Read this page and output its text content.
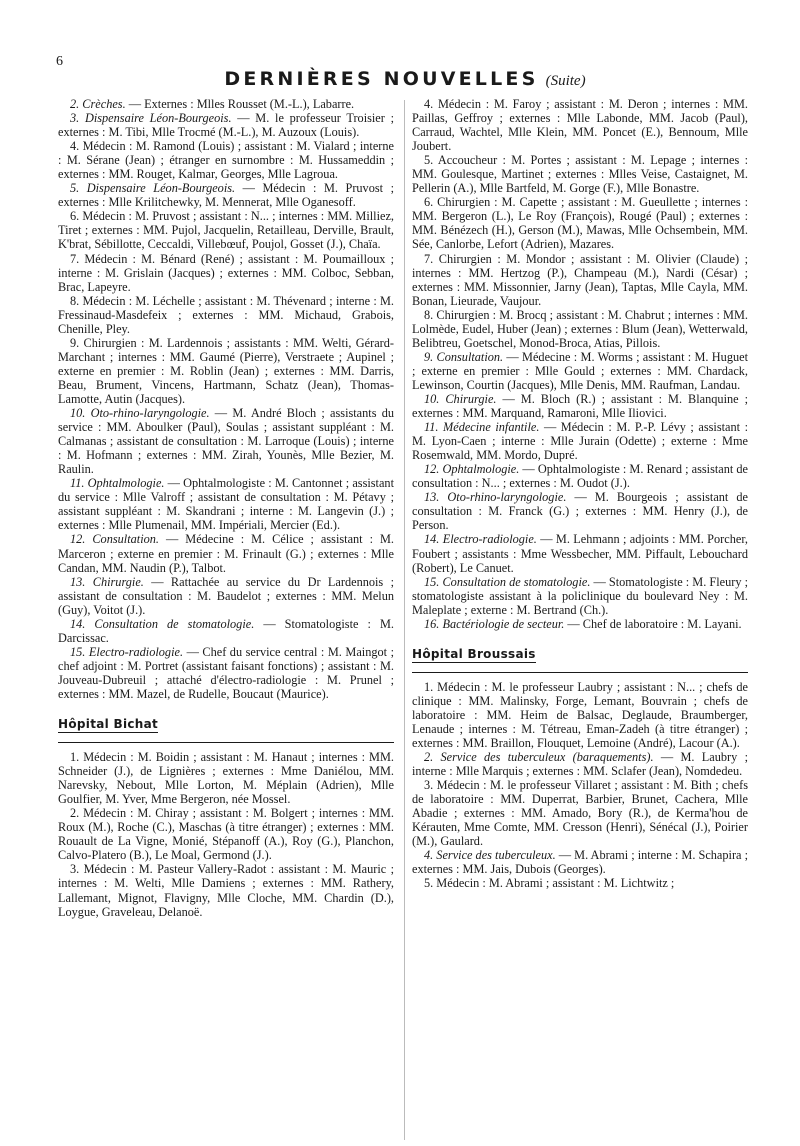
6
DERNIÈRES NOUVELLES (Suite)

2. Crèches. — Externes : Mlles Rousset (M.-L.), Labarre.

3. Dispensaire Léon-Bourgeois. — M. le professeur Troisier ; externes : M. Tibi, Mlle Trocmé (M.-L.), M. Auzoux (Louis).

4. Médecin : M. Ramond (Louis) ; assistant : M. Vialard ; interne : M. Sérane (Jean) ; étranger en surnombre : M. Hussameddin ; externes : MM. Rouget, Kalmar, Georges, Mlle Lagroua.

5. Dispensaire Léon-Bourgeois. — Médecin : M. Pruvost ; externes : Mlle Krilitchewky, M. Mennerat, Mlle Oganesoff.

6. Médecin : M. Pruvost ; assistant : N... ; internes : MM. Milliez, Tiret ; externes : MM. Pujol, Jacquelin, Retailleau, Derville, Brault, K'brat, Sébillotte, Ceccaldi, Villebœuf, Poujol, Gosset (J.), Chaïa.

7. Médecin : M. Bénard (René) ; assistant : M. Poumailloux ; interne : M. Grislain (Jacques) ; externes : MM. Colboc, Sebban, Brac, Lapeyre.

8. Médecin : M. Léchelle ; assistant : M. Thévenard ; interne : M. Fressinaud-Masdefeix ; externes : MM. Michaud, Grabois, Chenille, Pley.

9. Chirurgien : M. Lardennois ; assistants : MM. Welti, Gérard-Marchant ; internes : MM. Gaumé (Pierre), Verstraete ; Aupinel ; externe en premier : M. Roblin (Jean) ; externes : MM. Darris, Beau, Brument, Vincens, Hartmann, Schatz (Jean), Thomas-Lamotte, Autin (Jacques).

10. Oto-rhino-laryngologie. — M. André Bloch ; assistants du service : MM. Aboulker (Paul), Soulas ; assistant suppléant : M. Calmanas ; assistant de consultation : M. Larroque (Louis) ; interne : M. Hofmann ; externes : MM. Zirah, Younès, Mlle Bezier, M. Raulin.

11. Ophtalmologie. — Ophtalmologiste : M. Cantonnet ; assistant du service : Mlle Valroff ; assistant de consultation : M. Pétavy ; assistant suppléant : M. Skandrani ; interne : M. Langevin (J.) ; externes : Mlle Plumenail, MM. Impériali, Mercier (Ed.).

12. Consultation. — Médecine : M. Célice ; assistant : M. Marceron ; externe en premier : M. Frinault (G.) ; externes : Mlle Candan, MM. Naudin (P.), Talbot.

13. Chirurgie. — Rattachée au service du Dr Lardennois ; assistant de consultation : M. Baudelot ; externes : MM. Melun (Guy), Voitot (J.).

14. Consultation de stomatologie. — Stomatologiste : M. Darcissac.

15. Electro-radiologie. — Chef du service central : M. Maingot ; chef adjoint : M. Portret (assistant faisant fonctions) ; assistant : M. Jouveau-Dubreuil ; attaché d'électro-radiologie : M. Prunel ; externes : MM. Mazel, de Rudelle, Boucaut (Maurice).

Hôpital Bichat

1. Médecin : M. Boidin ; assistant : M. Hanaut ; internes : MM. Schneider (J.), de Lignières ; externes : Mme Daniélou, MM. Narevsky, Nebout, Mlle Lorton, M. Méplain (Adrien), Mlle Goulfier, M. Yver, Mme Bergeron, née Mossel.

2. Médecin : M. Chiray ; assistant : M. Bolgert ; internes : MM. Roux (M.), Roche (C.), Maschas (à titre étranger) ; externes : MM. Rouault de La Vigne, Monié, Stépanoff (A.), Roy (G.), Planchon, Calvo-Platero (B.), Le Moal, Germond (J.).

3. Médecin : M. Pasteur Vallery-Radot : assistant : M. Mauric ; internes : M. Welti, Mlle Damiens ; externes : MM. Rathery, Lallemant, Mignot, Flavigny, Mlle Cloche, MM. Chardin (D.), Loygue, Graveleau, Delanoë.

4. Médecin : M. Faroy ; assistant : M. Deron ; internes : MM. Paillas, Geffroy ; externes : Mlle Labonde, MM. Jacob (Paul), Carraud, Wachtel, Mlle Klein, MM. Poncet (E.), Bennoum, Mlle Joubert.

5. Accoucheur : M. Portes ; assistant : M. Lepage ; internes : MM. Goulesque, Martinet ; externes : Mlles Veise, Castaignet, M. Pellerin (A.), Mlle Bartfeld, M. Gorge (F.), Mlle Bonastre.

6. Chirurgien : M. Capette ; assistant : M. Gueullette ; internes : MM. Bergeron (L.), Le Roy (François), Rougé (Paul) ; externes : MM. Bénézech (H.), Gerson (M.), Mawas, Mlle Ochsembein, MM. Sée, Canlorbe, Lefort (Adrien), Mazares.

7. Chirurgien : M. Mondor ; assistant : M. Olivier (Claude) ; internes : MM. Hertzog (P.), Champeau (M.), Nardi (César) ; externes : MM. Missonnier, Jarny (Jean), Taptas, Mlle Cayla, MM. Bonan, Lieurade, Vaujour.

8. Chirurgien : M. Brocq ; assistant : M. Chabrut ; internes : MM. Lolmède, Eudel, Huber (Jean) ; externes : Blum (Jean), Wetterwald, Belibtreu, Goetschel, Monod-Broca, Atias, Pillois.

9. Consultation. — Médecine : M. Worms ; assistant : M. Huguet ; externe en premier : Mlle Gould ; externes : MM. Chardack, Lewinson, Courtin (Jacques), Mlle Denis, MM. Raufman, Landau.

10. Chirurgie. — M. Bloch (R.) ; assistant : M. Blanquine ; externes : MM. Marquand, Ramaroni, Mlle Iliovici.

11. Médecine infantile. — Médecin : M. P.-P. Lévy ; assistant : M. Lyon-Caen ; interne : Mlle Jurain (Odette) ; externe : Mme Rosemwald, MM. Mordo, Dupré.

12. Ophtalmologie. — Ophtalmologiste : M. Renard ; assistant de consultation : N... ; externes : M. Oudot (J.).

13. Oto-rhino-laryngologie. — M. Bourgeois ; assistant de consultation : M. Franck (G.) ; externes : MM. Henry (J.), de Person.

14. Electro-radiologie. — M. Lehmann ; adjoints : MM. Porcher, Foubert ; assistants : Mme Wessbecher, MM. Piffault, Lebouchard (Robert), Le Canuet.

15. Consultation de stomatologie. — Stomatologiste : M. Fleury ; stomatologiste assistant à la policlinique du boulevard Ney : M. Maleplate ; externe : M. Bertrand (Ch.).

16. Bactériologie de secteur. — Chef de laboratoire : M. Layani.

Hôpital Broussais

1. Médecin : M. le professeur Laubry ; assistant : N... ; chefs de clinique : MM. Malinsky, Forge, Lemant, Bouvrain ; chefs de laboratoire : MM. Heim de Balsac, Deglaude, Braumberger, Lenaude ; internes : M. Tétreau, Eman-Zadeh (à titre étranger) ; externes : MM. Braillon, Flouquet, Lemoine (André), Lacour (A.).

2. Service des tuberculeux (baraquements). — M. Laubry ; interne : Mlle Marquis ; externes : MM. Sclafer (Jean), Nomdedeu.

3. Médecin : M. le professeur Villaret ; assistant : M. Bith ; chefs de laboratoire : MM. Duperrat, Barbier, Brunet, Cachera, Mlle Abadie ; externes : MM. Amado, Bory (R.), de Kerma'hou de Kérauten, Mme Comte, MM. Cresson (Henri), Sénécal (J.), Poirier (M.), Gaulard.

4. Service des tuberculeux. — M. Abrami ; interne : M. Schapira ; externes : MM. Jais, Dubois (Georges).

5. Médecin : M. Abrami ; assistant : M. Lichtwitz ;
